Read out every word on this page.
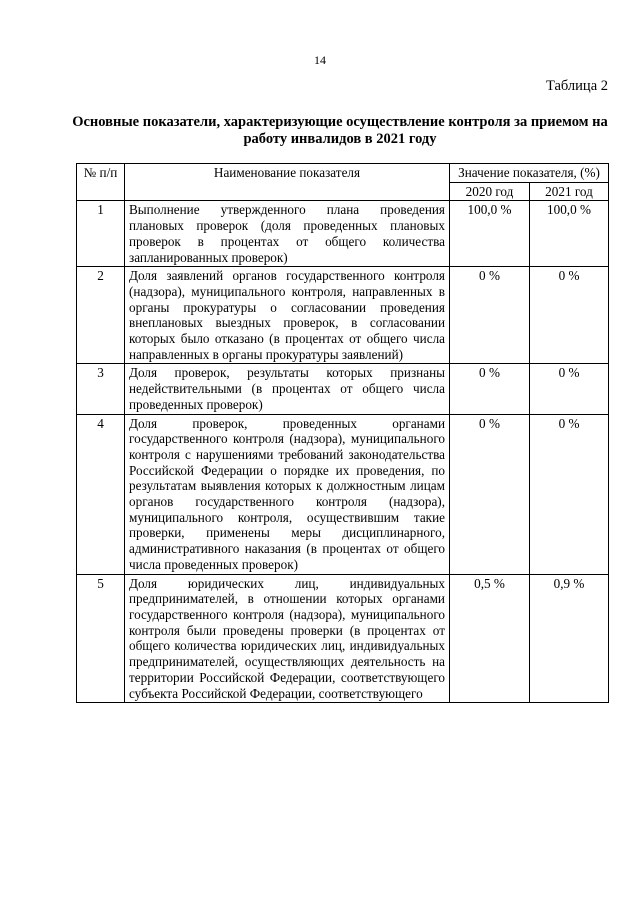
14
Таблица 2
Основные показатели, характеризующие осуществление контроля за приемом на работу инвалидов в 2021 году
№ п/п	Наименование показателя	Значение показателя, (%)	
		2020 год	2021 год
1	Выполнение утвержденного плана проведения плановых проверок (доля проведенных плановых проверок в процентах от общего количества запланированных проверок)	100,0 %	100,0 %
2	Доля заявлений органов государственного контроля (надзора), муниципального контроля, направленных в органы прокуратуры о согласовании проведения внеплановых выездных проверок, в согласовании которых было отказано (в процентах от общего числа направленных в органы прокуратуры заявлений)	0 %	0 %
3	Доля проверок, результаты которых признаны недействительными (в процентах от общего числа проведенных проверок)	0 %	0 %
4	Доля проверок, проведенных органами государственного контроля (надзора), муниципального контроля с нарушениями требований законодательства Российской Федерации о порядке их проведения, по результатам выявления которых к должностным лицам органов государственного контроля (надзора), муниципального контроля, осуществившим такие проверки, применены меры дисциплинарного, административного наказания (в процентах от общего числа проведенных проверок)	0 %	0 %
5	Доля юридических лиц, индивидуальных предпринимателей, в отношении которых органами государственного контроля (надзора), муниципального контроля были проведены проверки (в процентах от общего количества юридических лиц, индивидуальных предпринимателей, осуществляющих деятельность на территории Российской Федерации, соответствующего субъекта Российской Федерации, соответствующего	0,5 %	0,9 %
